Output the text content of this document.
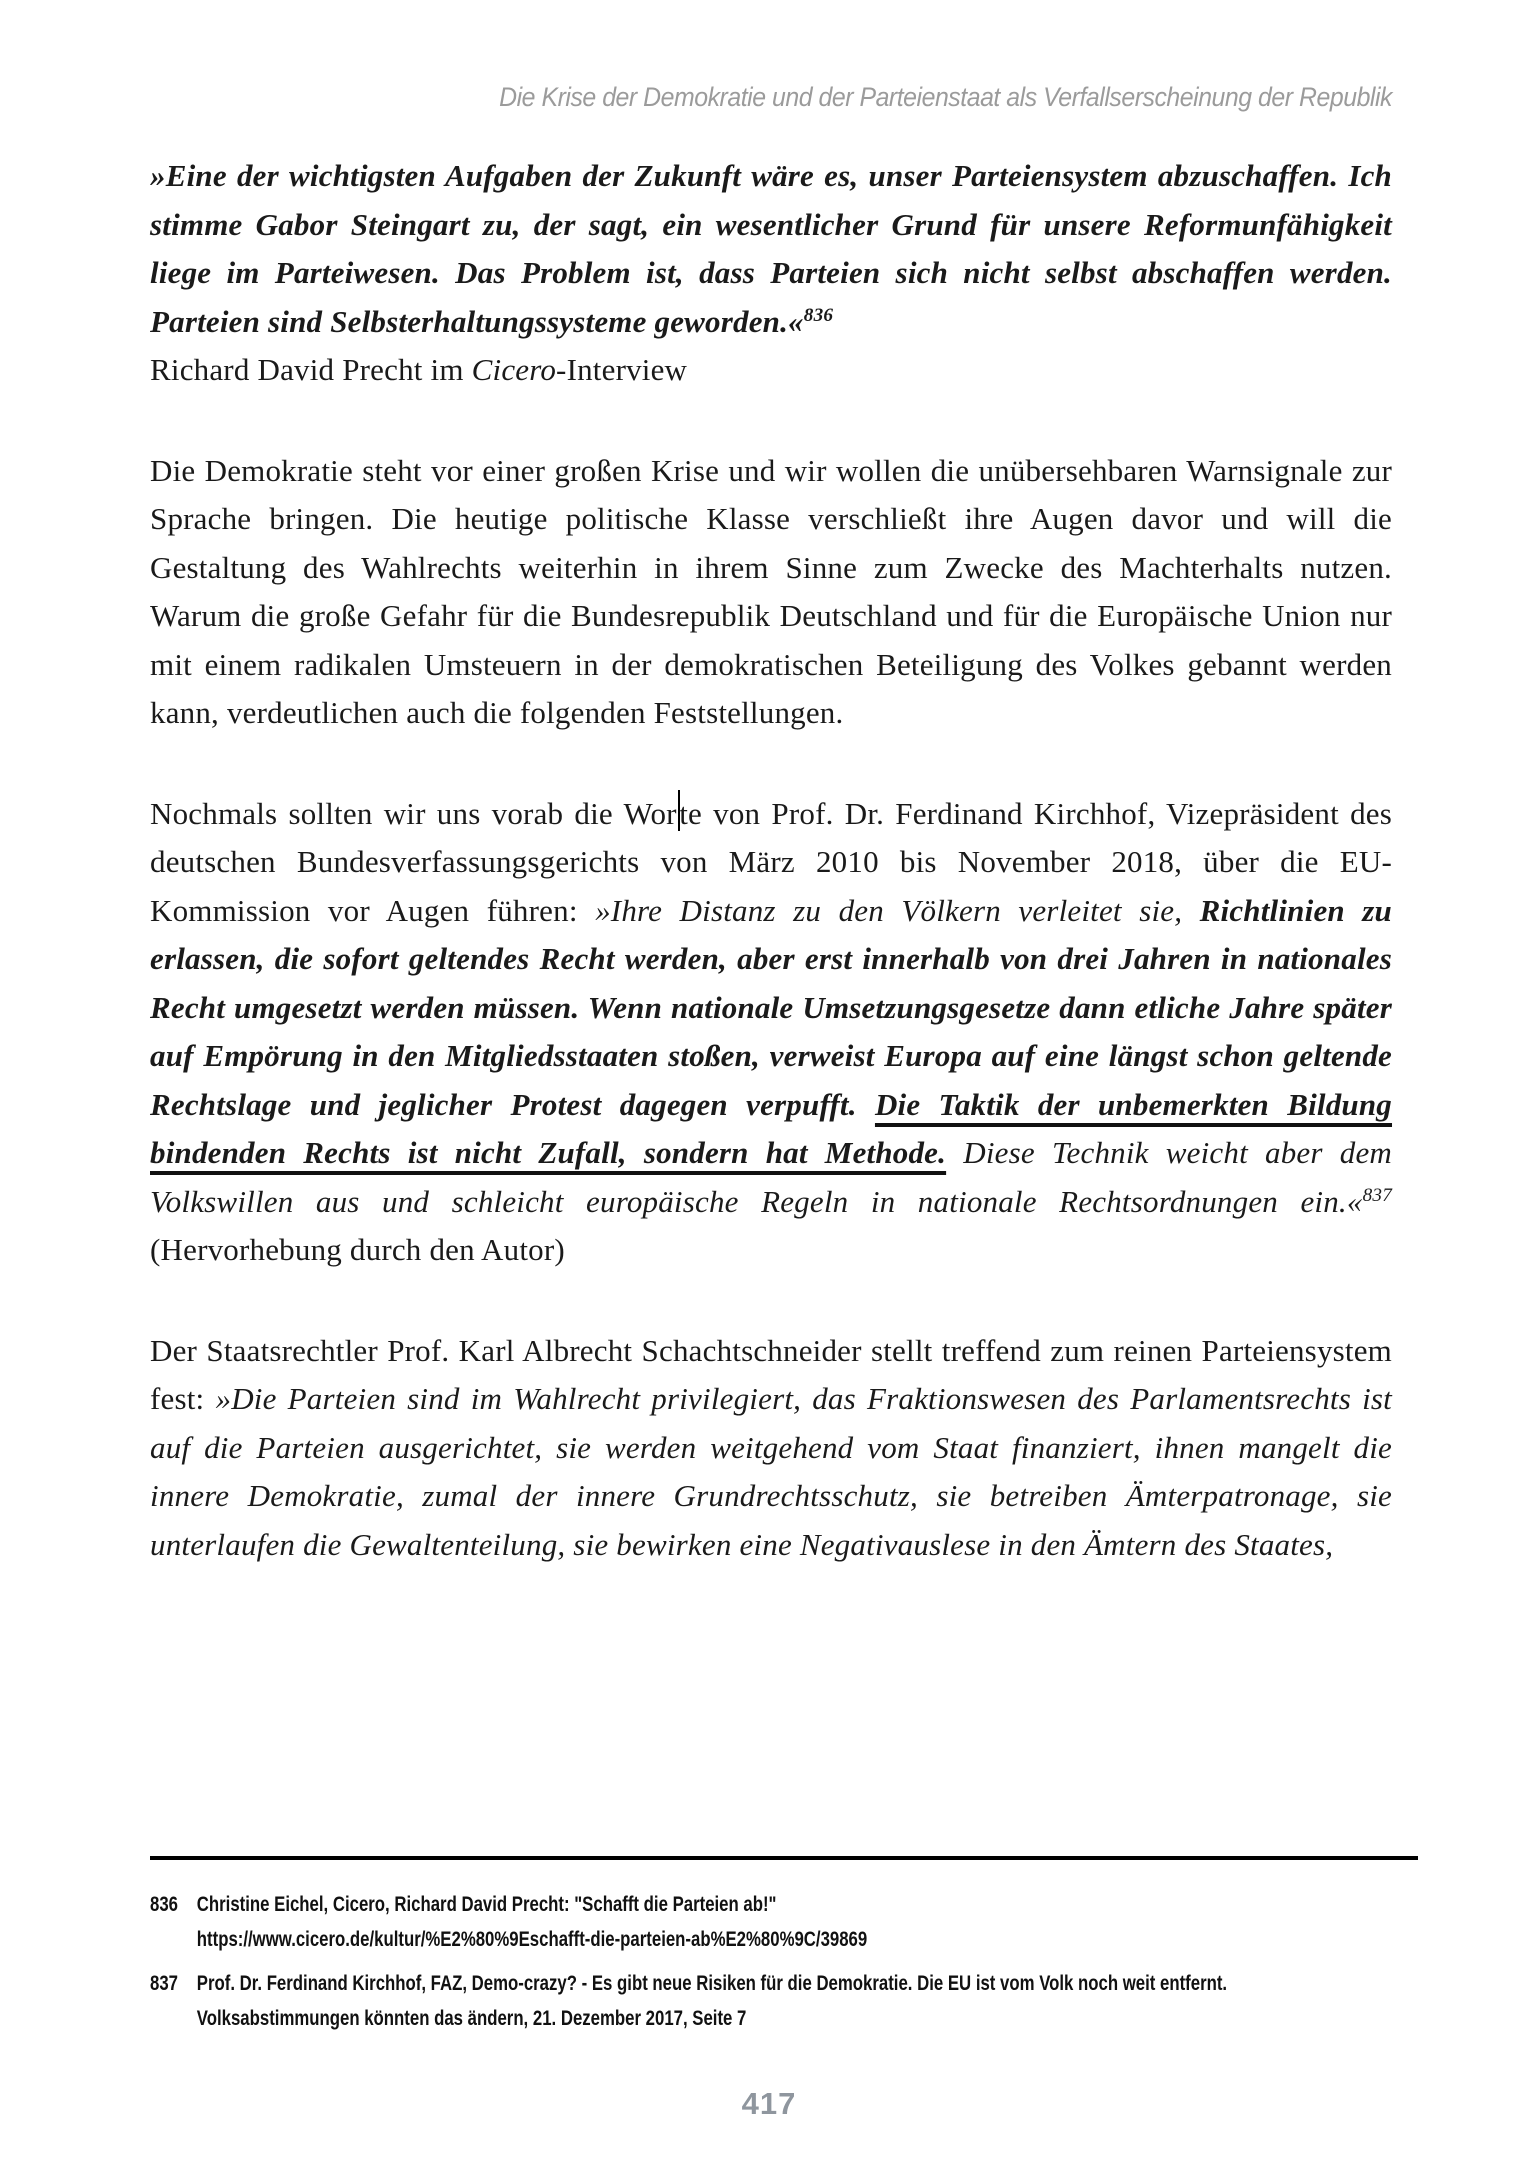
Die Krise der Demokratie und der Parteienstaat als Verfallserscheinung der Republik

»Eine der wichtigsten Aufgaben der Zukunft wäre es, unser Parteiensystem abzuschaffen. Ich stimme Gabor Steingart zu, der sagt, ein wesentlicher Grund für unsere Reformunfähigkeit liege im Parteiwesen. Das Problem ist, dass Parteien sich nicht selbst abschaffen werden. Parteien sind Selbsterhaltungssysteme geworden.«$^{836}$

Richard David Precht im Cicero-Interview

Die Demokratie steht vor einer großen Krise und wir wollen die unübersehbaren Warnsignale zur Sprache bringen. Die heutige politische Klasse verschließt ihre Augen davor und will die Gestaltung des Wahlrechts weiterhin in ihrem Sinne zum Zwecke des Machterhalts nutzen. Warum die große Gefahr für die Bundesrepublik Deutschland und für die Europäische Union nur mit einem radikalen Umsteuern in der demokratischen Beteiligung des Volkes gebannt werden kann, verdeutlichen auch die folgenden Feststellungen.

Nochmals sollten wir uns vorab die Worte von Prof. Dr. Ferdinand Kirchhof, Vizepräsident des deutschen Bundesverfassungsgerichts von März 2010 bis November 2018, über die EU-Kommission vor Augen führen: »Ihre Distanz zu den Völkern verleitet sie, Richtlinien zu erlassen, die sofort geltendes Recht werden, aber erst innerhalb von drei Jahren in nationales Recht umgesetzt werden müssen. Wenn nationale Umsetzungsgesetze dann etliche Jahre später auf Empörung in den Mitgliedsstaaten stoßen, verweist Europa auf eine längst schon geltende Rechtslage und jeglicher Protest dagegen verpufft. Die Taktik der unbemerkten Bildung bindenden Rechts ist nicht Zufall, sondern hat Methode. Diese Technik weicht aber dem Volkswillen aus und schleicht europäische Regeln in nationale Rechtsordnungen ein.«$^{837}$ (Hervorhebung durch den Autor)

Der Staatsrechtler Prof. Karl Albrecht Schachtschneider stellt treffend zum reinen Parteiensystem fest: »Die Parteien sind im Wahlrecht privilegiert, das Fraktionswesen des Parlamentsrechts ist auf die Parteien ausgerichtet, sie werden weitgehend vom Staat finanziert, ihnen mangelt die innere Demokratie, zumal der innere Grundrechtsschutz, sie betreiben Ämterpatronage, sie unterlaufen die Gewaltenteilung, sie bewirken eine Negativauslese in den Ämtern des Staates,

836 Christine Eichel, Cicero, Richard David Precht: "Schafft die Parteien ab!"
https://www.cicero.de/kultur/%E2%80%9Eschafft-die-parteien-ab%E2%80%9C/39869
837 Prof. Dr. Ferdinand Kirchhof, FAZ, Demo-crazy? - Es gibt neue Risiken für die Demokratie. Die EU ist vom Volk noch weit entfernt.
Volksabstimmungen könnten das ändern, 21. Dezember 2017, Seite 7
417
